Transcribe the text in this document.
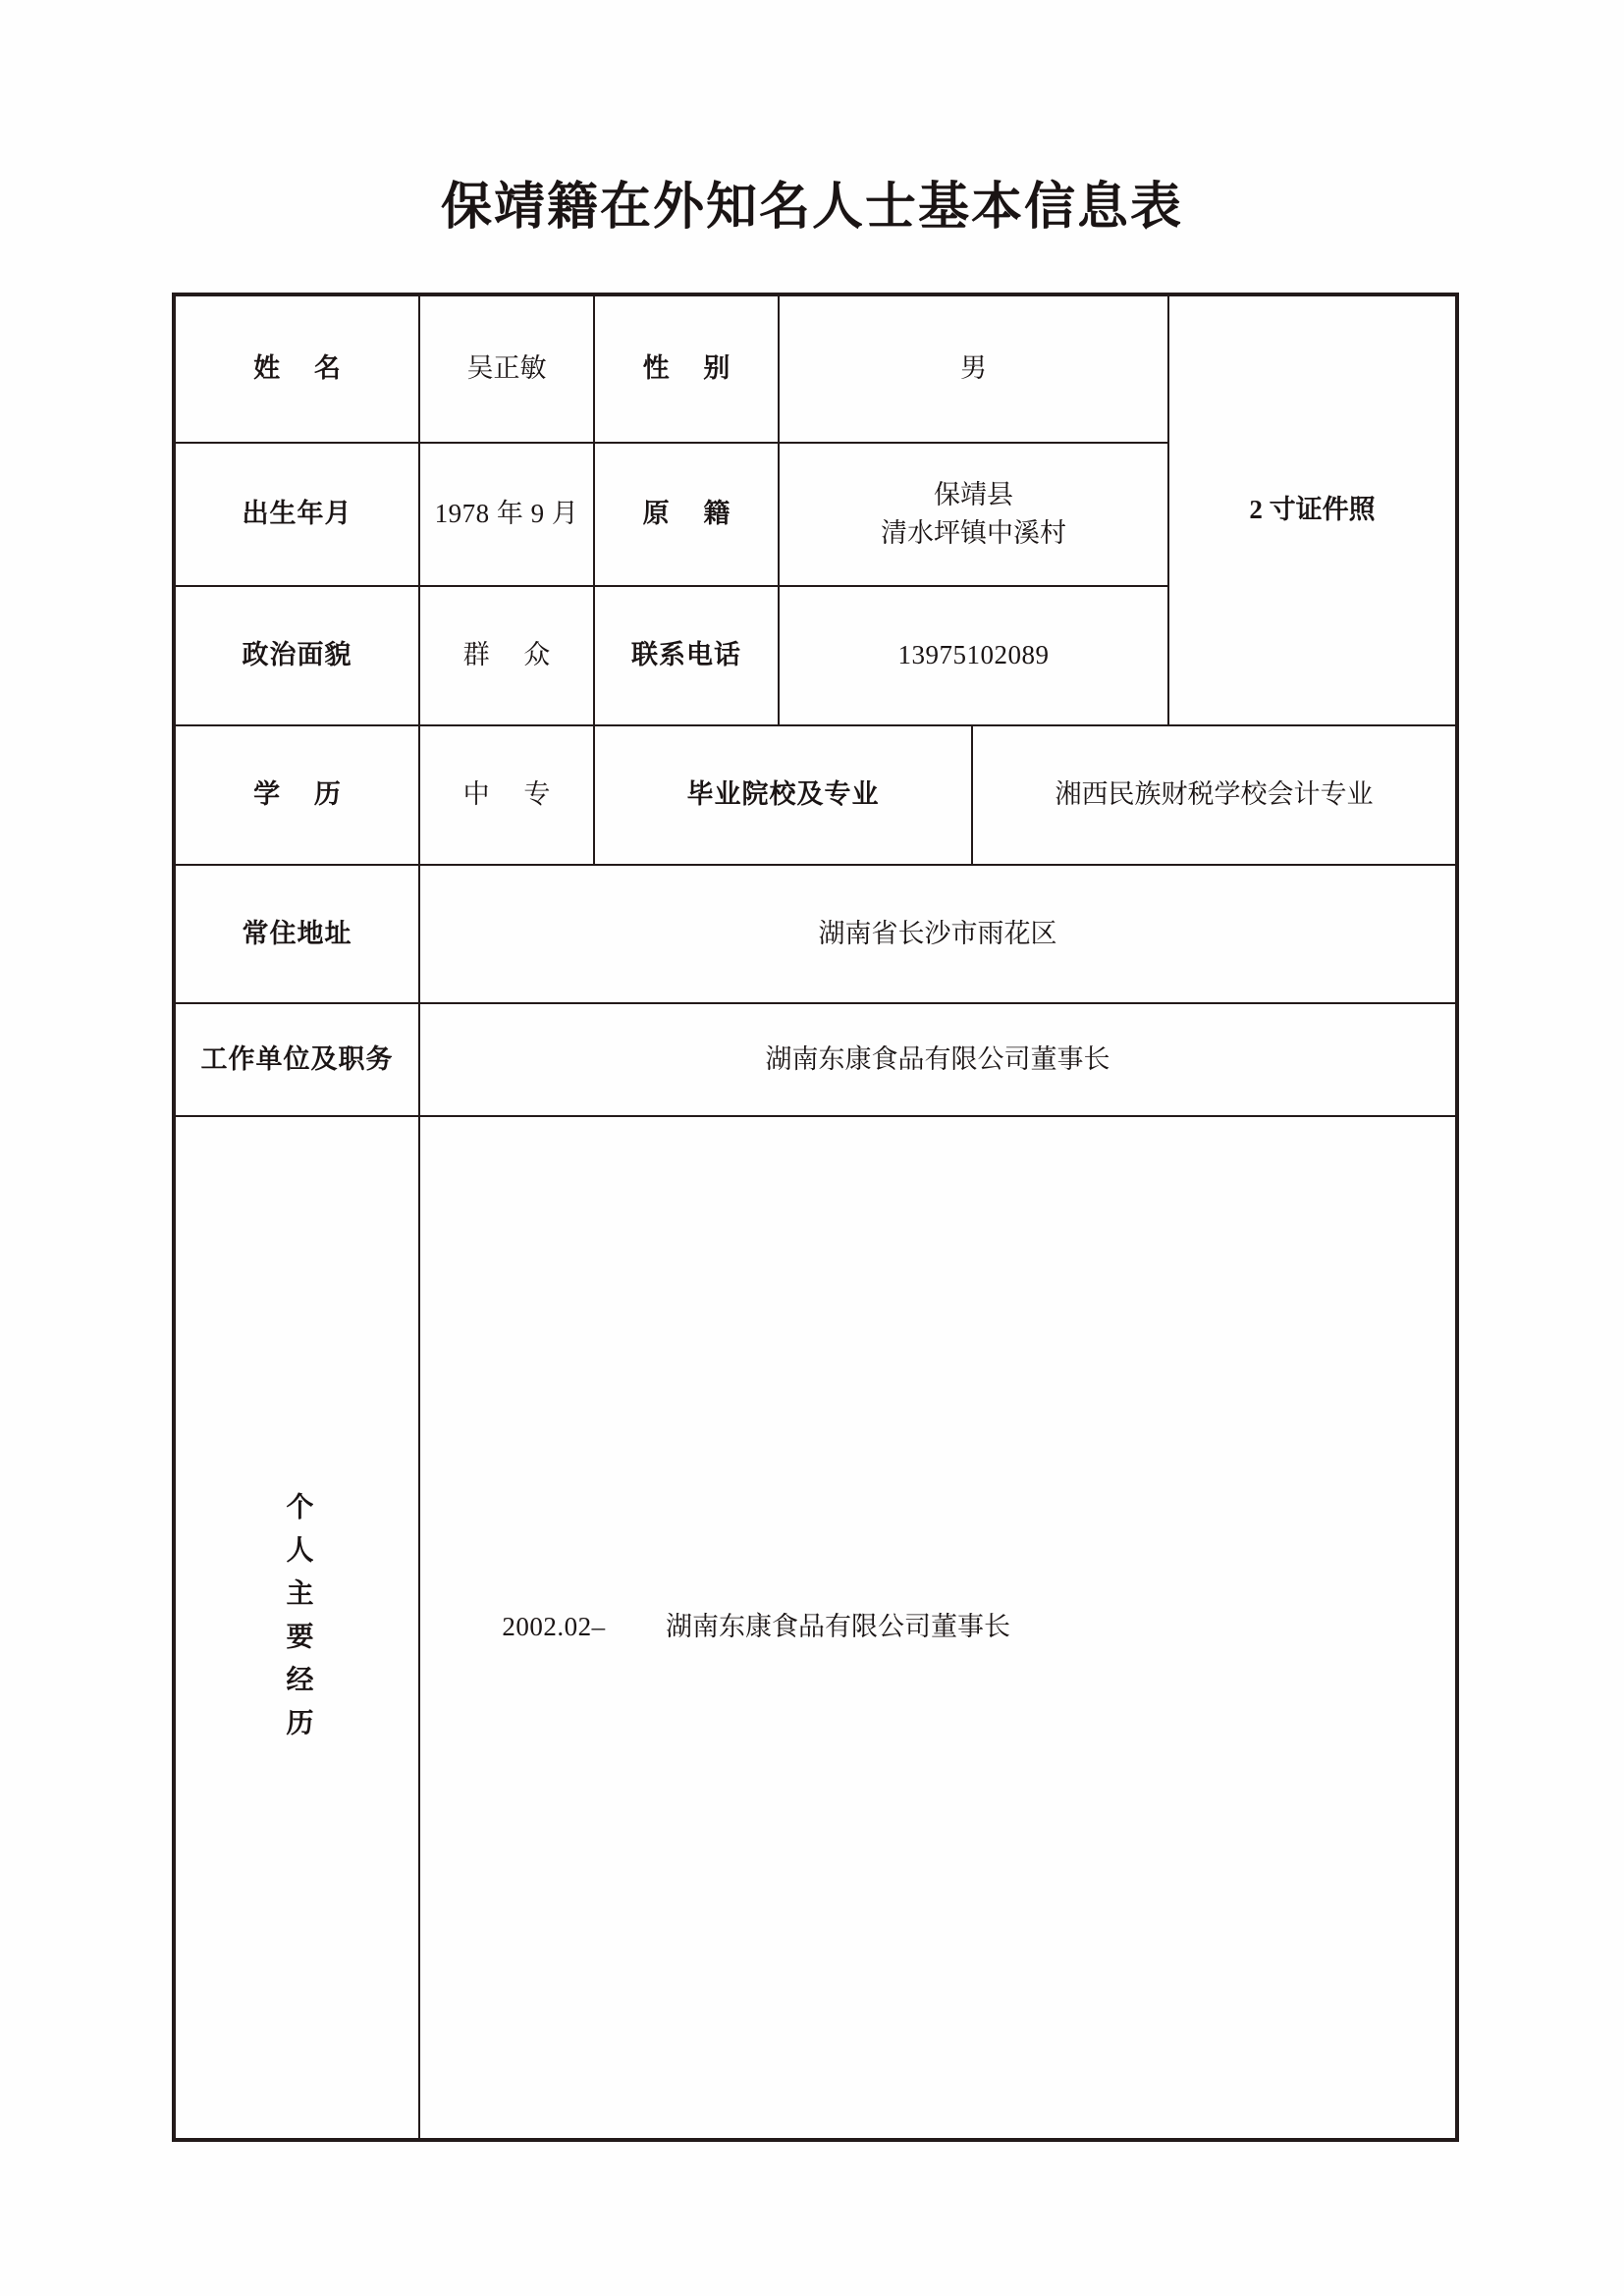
保靖籍在外知名人士基本信息表
姓 名	吴正敏	性 别	男		2 寸证件照
出生年月	1978 年 9 月	原 籍	保靖县
清水坪镇中溪村		

政治面貌	群 众	联系电话	13975102089		
学 历	中 专	毕业院校及专业		湘西民族财税学校会计专业	
常住地址	湖南省长沙市雨花区				
工作单位及职务	湖南东康食品有限公司董事长				
个人主要经历	2002.02– 湖南东康食品有限公司董事长				
